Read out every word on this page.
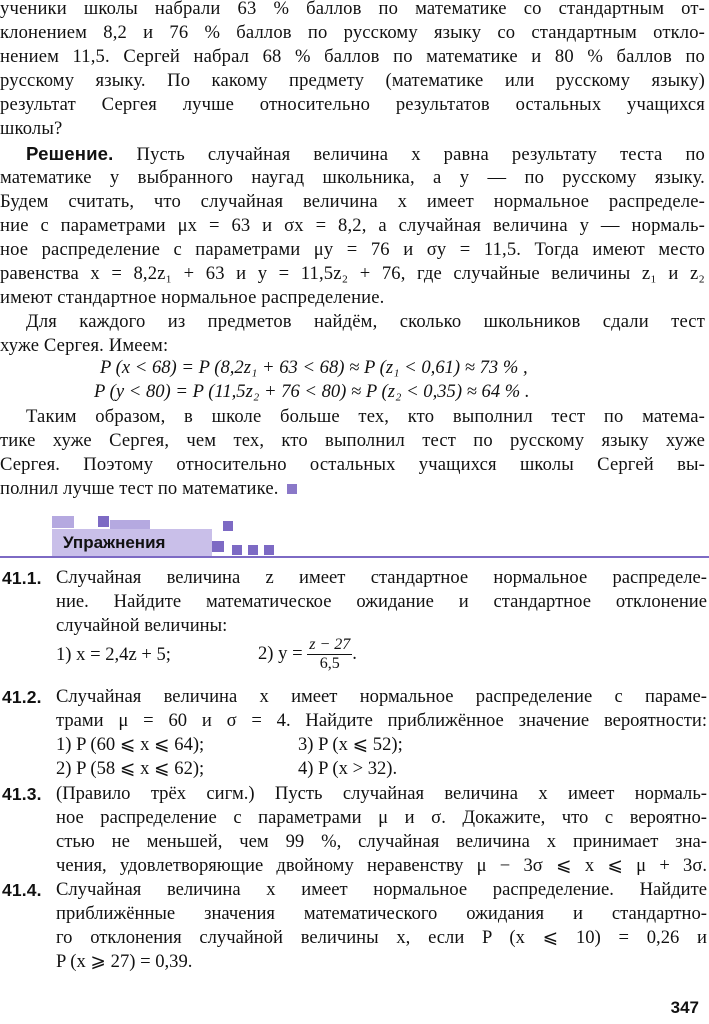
ученики школы набрали 63 % баллов по математике со стандартным от-
клонением 8,2 и 76 % баллов по русскому языку со стандартным откло-
нением 11,5. Сергей набрал 68 % баллов по математике и 80 % баллов по
русскому языку. По какому предмету (математике или русскому языку)
результат Сергея лучше относительно результатов остальных учащихся
школы?
Решение. Пусть случайная величина x равна результату теста по
математике у выбранного наугад школьника, а y — по русскому языку.
Будем считать, что случайная величина x имеет нормальное распределе-
ние с параметрами μx = 63 и σx = 8,2, а случайная величина y — нормаль-
ное распределение с параметрами μy = 76 и σy = 11,5. Тогда имеют место
равенства x = 8,2z₁ + 63 и y = 11,5z₂ + 76, где случайные величины z₁ и z₂
имеют стандартное нормальное распределение.
Для каждого из предметов найдём, сколько школьников сдали тест
хуже Сергея. Имеем:
P (x < 68) = P (8,2z₁ + 63 < 68) ≈ P (z₁ < 0,61) ≈ 73 % ,
P (y < 80) = P (11,5z₂ + 76 < 80) ≈ P (z₂ < 0,35) ≈ 64 % .
Таким образом, в школе больше тех, кто выполнил тест по матема-
тике хуже Сергея, чем тех, кто выполнил тест по русскому языку хуже
Сергея. Поэтому относительно остальных учащихся школы Сергей вы-
полнил лучше тест по математике.
Упражнения
41.1. Случайная величина z имеет стандартное нормальное распределе-
ние. Найдите математическое ожидание и стандартное отклонение
случайной величины:
1) x = 2,4z + 5;	2) $y = \frac{z - 27}{6,5}$ .
41.2. Случайная величина x имеет нормальное распределение с параме-
трами μ = 60 и σ = 4. Найдите приближённое значение вероятности:
1) P (60 ⩽ x ⩽ 64);	3) P (x ⩽ 52);
2) P (58 ⩽ x ⩽ 62);	4) P (x > 32).
41.3. (Правило трёх сигм.) Пусть случайная величина x имеет нормаль-
ное распределение с параметрами μ и σ. Докажите, что с вероятно-
стью не меньшей, чем 99 %, случайная величина x принимает зна-
чения, удовлетворяющие двойному неравенству μ − 3σ ⩽ x ⩽ μ + 3σ.
41.4. Случайная величина x имеет нормальное распределение. Найдите
приближённые значения математического ожидания и стандартно-
го отклонения случайной величины x, если P (x ⩽ 10) = 0,26 и
P (x ⩾ 27) = 0,39.
347
